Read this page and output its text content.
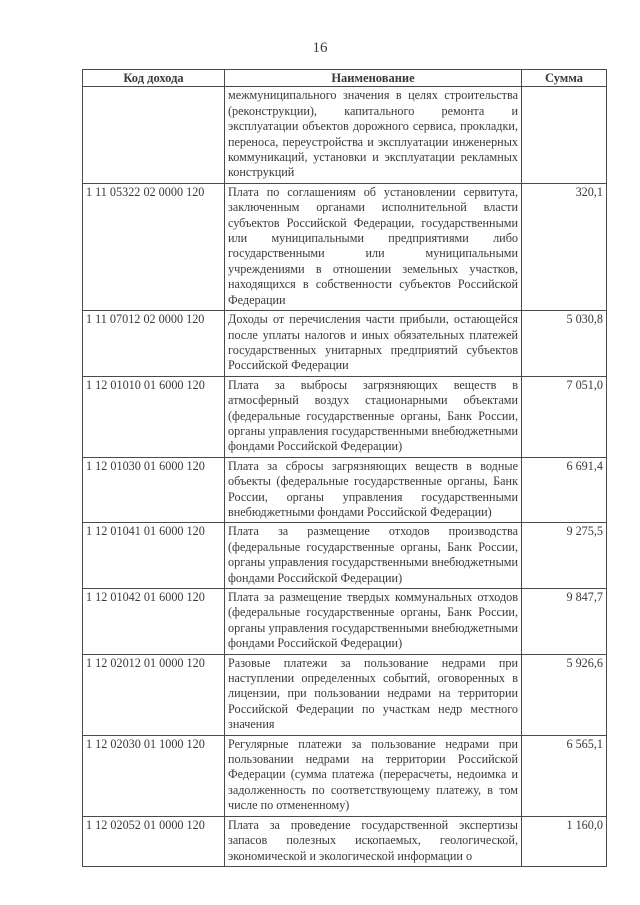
16
Код дохода	Наименование	Сумма
	межмуниципального значения в целях строительства (реконструкции), капитального ремонта и эксплуатации объектов дорожного сервиса, прокладки, переноса, переустройства и эксплуатации инженерных коммуникаций, установки и эксплуатации рекламных конструкций	
1 11 05322 02 0000 120	Плата по соглашениям об установлении сервитута, заключенным органами исполнительной власти субъектов Российской Федерации, государственными или муниципальными предприятиями либо государственными или муниципальными учреждениями в отношении земельных участков, находящихся в собственности субъектов Российской Федерации	320,1
1 11 07012 02 0000 120	Доходы от перечисления части прибыли, остающейся после уплаты налогов и иных обязательных платежей государственных унитарных предприятий субъектов Российской Федерации	5 030,8
1 12 01010 01 6000 120	Плата за выбросы загрязняющих веществ в атмосферный воздух стационарными объектами (федеральные государственные органы, Банк России, органы управления государственными внебюджетными фондами Российской Федерации)	7 051,0
1 12 01030 01 6000 120	Плата за сбросы загрязняющих веществ в водные объекты (федеральные государственные органы, Банк России, органы управления государственными внебюджетными фондами Российской Федерации)	6 691,4
1 12 01041 01 6000 120	Плата за размещение отходов производства (федеральные государственные органы, Банк России, органы управления государственными внебюджетными фондами Российской Федерации)	9 275,5
1 12 01042 01 6000 120	Плата за размещение твердых коммунальных отходов (федеральные государственные органы, Банк России, органы управления государственными внебюджетными фондами Российской Федерации)	9 847,7
1 12 02012 01 0000 120	Разовые платежи за пользование недрами при наступлении определенных событий, оговоренных в лицензии, при пользовании недрами на территории Российской Федерации по участкам недр местного значения	5 926,6
1 12 02030 01 1000 120	Регулярные платежи за пользование недрами при пользовании недрами на территории Российской Федерации (сумма платежа (перерасчеты, недоимка и задолженность по соответствующему платежу, в том числе по отмененному)	6 565,1
1 12 02052 01 0000 120	Плата за проведение государственной экспертизы запасов полезных ископаемых, геологической, экономической и экологической информации о	1 160,0
